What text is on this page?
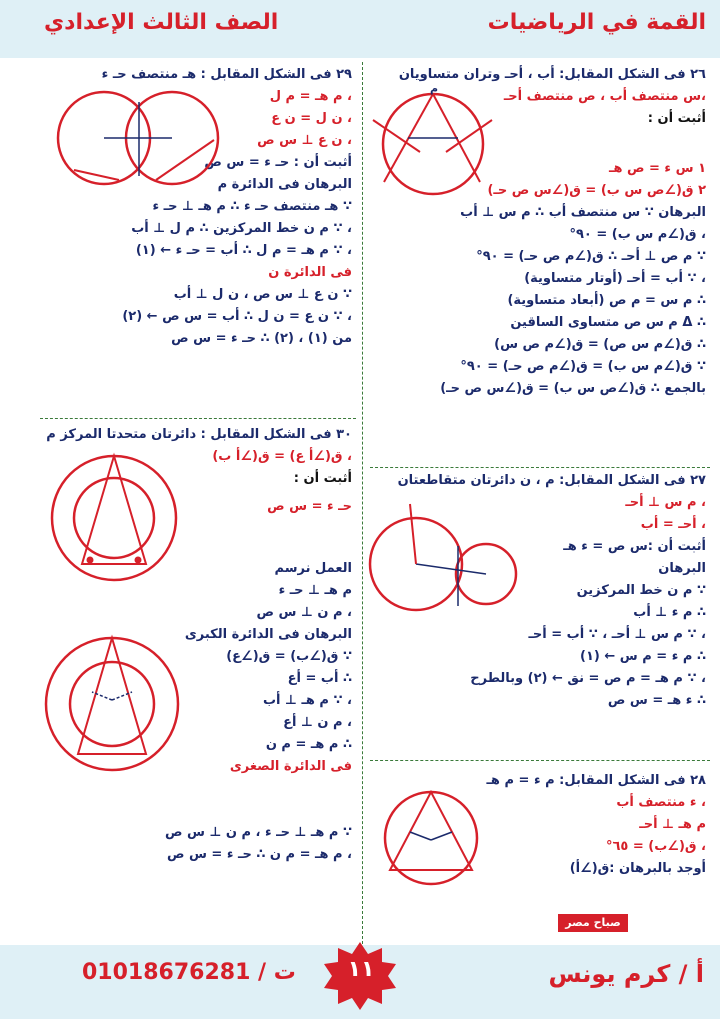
القمة في الرياضيات
الصف الثالث الإعدادي
٢٦ فى الشكل المقابل: أب ، أحـ وتران متساويان
،س منتصف أب ، ص منتصف أحـ
أثبت أن :
١ س ء = ص هـ
٢ ق(∠ص س ب) = ق(∠س ص حـ)
البرهان ∵ س منتصف أب ∴ م س ⊥ أب
، ق(∠م س ب) = ٩٠°
∵ م ص ⊥ أحـ ∴ ق(∠م ص حـ) = ٩٠°
، ∵ أب = أحـ (أوتار متساوية)
∴ م س = م ص (أبعاد متساوية)
∴ Δ م س ص متساوى الساقين
∴ ق(∠م س ص) = ق(∠م ص س)
∵ ق(∠م س ب) = ق(∠م ص حـ) = ٩٠°
بالجمع ∴ ق(∠ص س ب) = ق(∠س ص حـ)
٢٧ فى الشكل المقابل: م ، ن دائرتان متقاطعتان
، م س ⊥ أحـ
، أحـ = أب
أثبت أن :س ص = ء هـ
البرهان
∵ م ن خط المركزين
∴ م ء ⊥ أب
، ∵ م س ⊥ أحـ ، ∵ أب = أحـ
∴ م ء = م س ← (١)
، ∵ م هـ = م ص = نق ← (٢) وبالطرح
∴ ء هـ = س ص
٢٨ فى الشكل المقابل: م ء = م هـ
، ء منتصف أب
م هـ ⊥ أحـ
، ق(∠ب) = ٦٥°
أوجد بالبرهان :ق(∠أ)
٢٩ فى الشكل المقابل : هـ منتصف حـ ء
، م هـ = م ل
، ن ل = ن ع
، ن ع ⊥ س ص
أثبت أن : حـ ء = س ص
البرهان فى الدائرة م
∵ هـ منتصف حـ ء ∴ م هـ ⊥ حـ ء
، ∵ م ن خط المركزين ∴ م ل ⊥ أب
، ∵ م هـ = م ل ∴ أب = حـ ء ← (١)
فى الدائرة ن
∵ ن ع ⊥ س ص ، ن ل ⊥ أب
، ∵ ن ع = ن ل ∴ أب = س ص ← (٢)
من (١) ، (٢) ∴ حـ ء = س ص
٣٠ فى الشكل المقابل : دائرتان متحدتا المركز م
، ق(∠أ ع) = ق(∠أ ب)
أثبت أن :
حـ ء = س ص
العمل نرسم
م هـ ⊥ حـ ء
، م ن ⊥ س ص
البرهان فى الدائرة الكبرى
∵ ق(∠ب) = ق(∠ع)
∴ أب = أع
، ∵ م هـ ⊥ أب
، م ن ⊥ أع
∴ م هـ = م ن
فى الدائرة الصغرى
∵ م هـ ⊥ حـ ء ، م ن ⊥ س ص
، م هـ = م ن ∴ حـ ء = س ص
م
أ / كرم يونس
ت / 01018676281	١١
صباح مصر
